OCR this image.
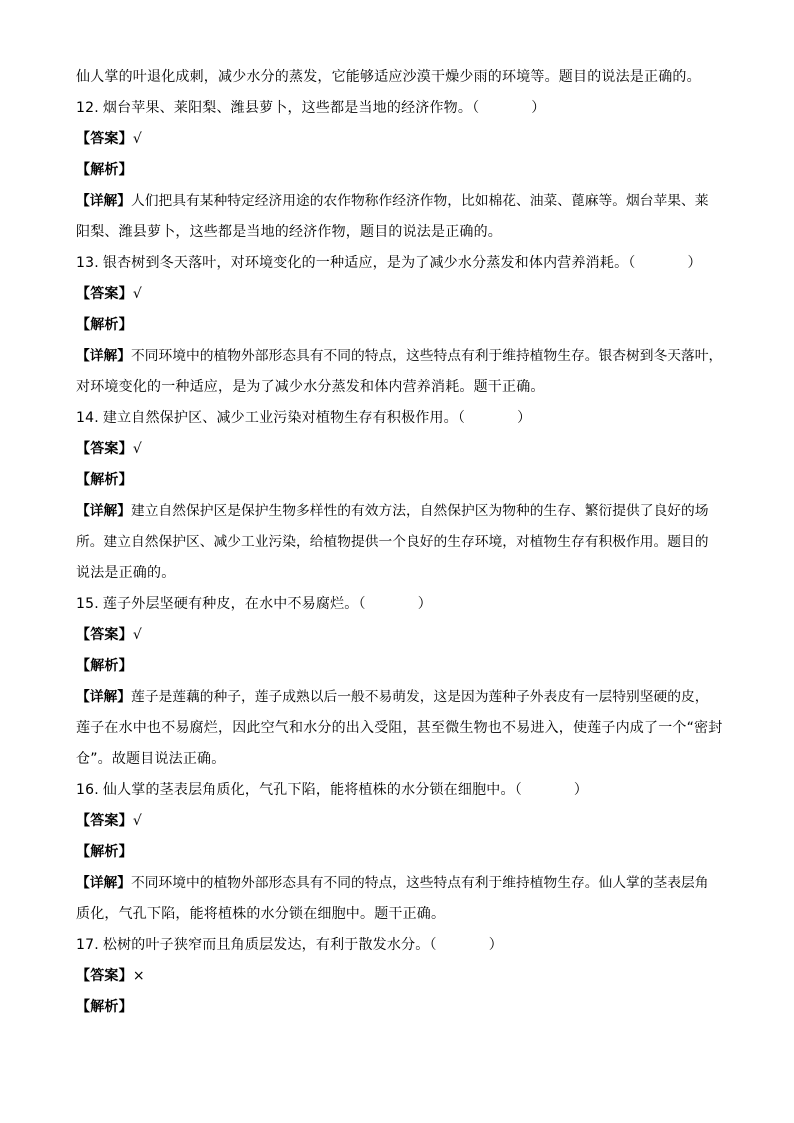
仙人掌的叶退化成刺，减少水分的蒸发，它能够适应沙漠干燥少雨的环境等。题目的说法是正确的。
12. 烟台苹果、莱阳梨、潍县萝卜，这些都是当地的经济作物。（	）
【答案】√
【解析】
【详解】人们把具有某种特定经济用途的农作物称作经济作物，比如棉花、油菜、蓖麻等。烟台苹果、莱
阳梨、潍县萝卜，这些都是当地的经济作物，题目的说法是正确的。
13. 银杏树到冬天落叶，对环境变化的一种适应，是为了减少水分蒸发和体内营养消耗。（	）
【答案】√
【解析】
【详解】不同环境中的植物外部形态具有不同的特点，这些特点有利于维持植物生存。银杏树到冬天落叶，
对环境变化的一种适应，是为了减少水分蒸发和体内营养消耗。题干正确。
14. 建立自然保护区、减少工业污染对植物生存有积极作用。（	）
【答案】√
【解析】
【详解】建立自然保护区是保护生物多样性的有效方法，自然保护区为物种的生存、繁衍提供了良好的场
所。建立自然保护区、减少工业污染，给植物提供一个良好的生存环境，对植物生存有积极作用。题目的
说法是正确的。
15. 莲子外层坚硬有种皮，在水中不易腐烂。（	）
【答案】√
【解析】
【详解】莲子是莲藕的种子，莲子成熟以后一般不易萌发，这是因为莲种子外表皮有一层特别坚硬的皮，
莲子在水中也不易腐烂，因此空气和水分的出入受阻，甚至微生物也不易进入，使莲子内成了一个“密封
仓”。故题目说法正确。
16. 仙人掌的茎表层角质化，气孔下陷，能将植株的水分锁在细胞中。（	）
【答案】√
【解析】
【详解】不同环境中的植物外部形态具有不同的特点，这些特点有利于维持植物生存。仙人掌的茎表层角
质化，气孔下陷，能将植株的水分锁在细胞中。题干正确。
17. 松树的叶子狭窄而且角质层发达，有利于散发水分。（	）
【答案】×
【解析】
